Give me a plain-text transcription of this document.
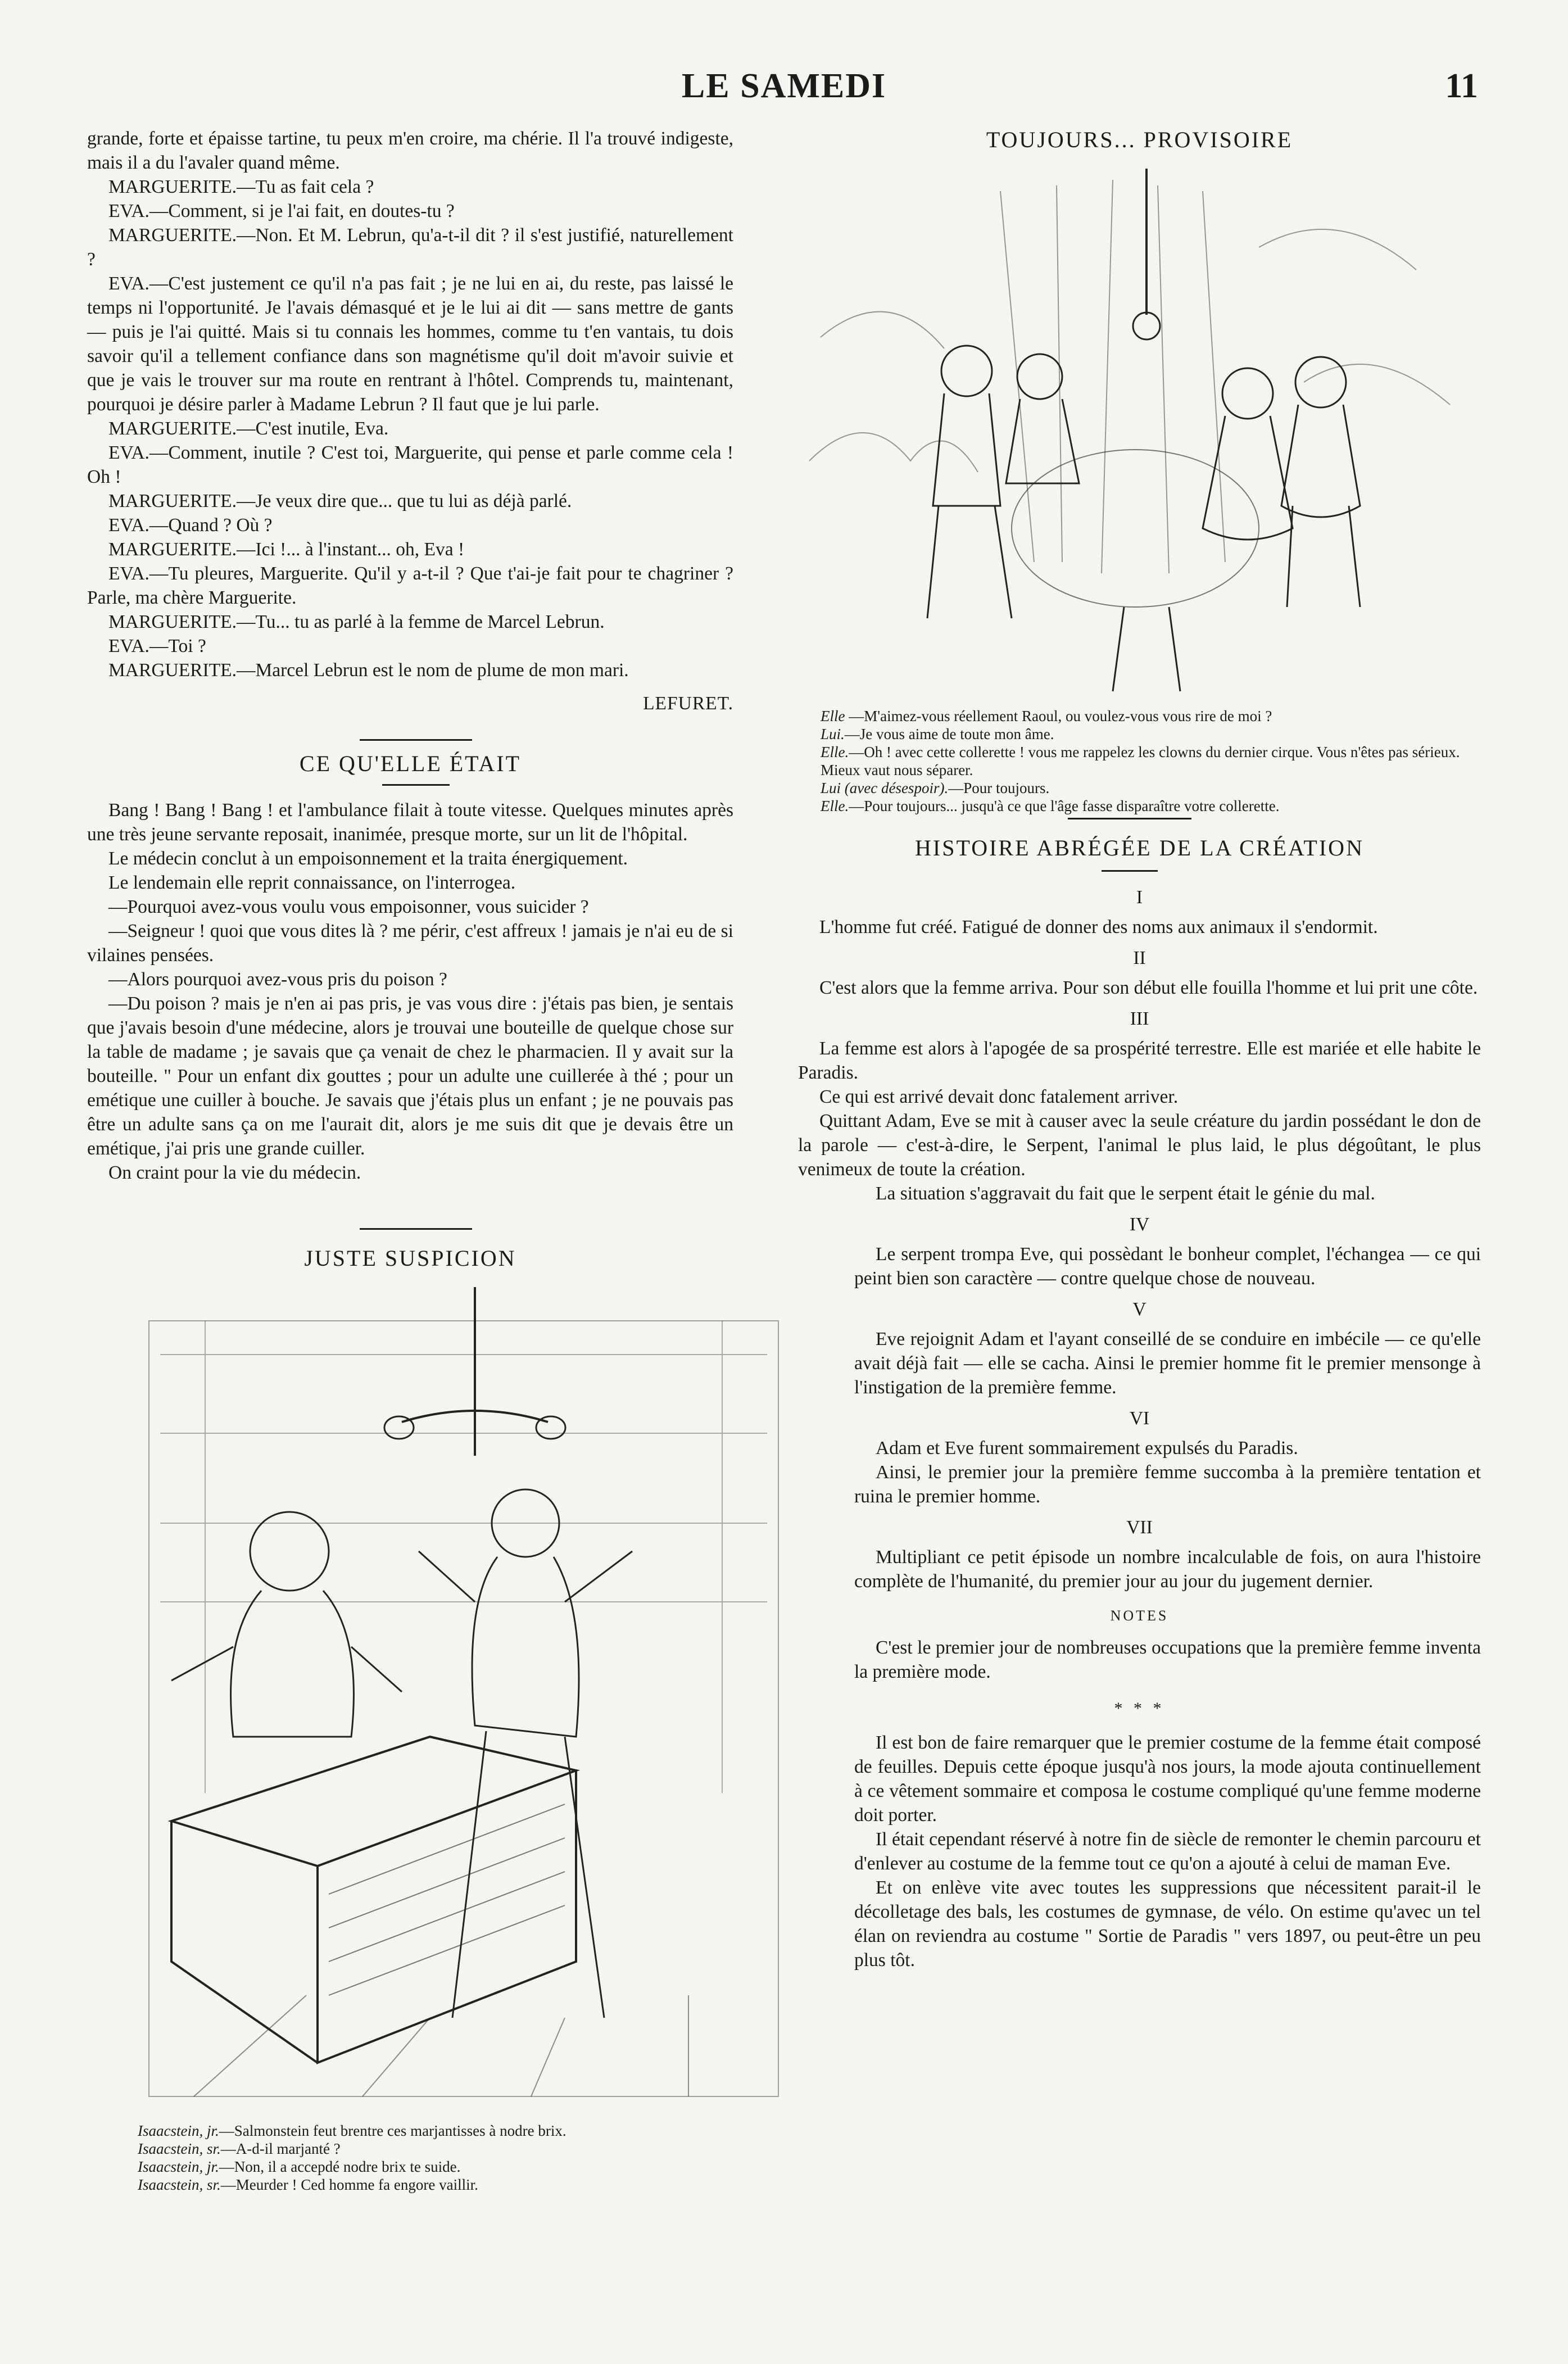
LE SAMEDI	11

grande, forte et épaisse tartine, tu peux m'en croire, ma chérie. Il l'a trouvé indigeste, mais il a du l'avaler quand même.

MARGUERITE.—Tu as fait cela ?

EVA.—Comment, si je l'ai fait, en doutes-tu ?

MARGUERITE.—Non. Et M. Lebrun, qu'a-t-il dit ? il s'est justifié, naturellement ?

EVA.—C'est justement ce qu'il n'a pas fait ; je ne lui en ai, du reste, pas laissé le temps ni l'opportunité. Je l'avais démasqué et je le lui ai dit — sans mettre de gants — puis je l'ai quitté. Mais si tu connais les hommes, comme tu t'en vantais, tu dois savoir qu'il a tellement confiance dans son magnétisme qu'il doit m'avoir suivie et que je vais le trouver sur ma route en rentrant à l'hôtel. Comprends tu, maintenant, pourquoi je désire parler à Madame Lebrun ? Il faut que je lui parle.

MARGUERITE.—C'est inutile, Eva.

EVA.—Comment, inutile ? C'est toi, Marguerite, qui pense et parle comme cela ! Oh !

MARGUERITE.—Je veux dire que... que tu lui as déjà parlé.

EVA.—Quand ? Où ?

MARGUERITE.—Ici !... à l'instant... oh, Eva !

EVA.—Tu pleures, Marguerite. Qu'il y a-t-il ? Que t'ai-je fait pour te chagriner ? Parle, ma chère Marguerite.

MARGUERITE.—Tu... tu as parlé à la femme de Marcel Lebrun.

EVA.—Toi ?

MARGUERITE.—Marcel Lebrun est le nom de plume de mon mari.

LEFURET.

CE QU'ELLE ÉTAIT

Bang ! Bang ! Bang ! et l'ambulance filait à toute vitesse. Quelques minutes après une très jeune servante reposait, inanimée, presque morte, sur un lit de l'hôpital.

Le médecin conclut à un empoisonnement et la traita énergiquement.

Le lendemain elle reprit connaissance, on l'interrogea.

—Pourquoi avez-vous voulu vous empoisonner, vous suicider ?

—Seigneur ! quoi que vous dites là ? me périr, c'est affreux ! jamais je n'ai eu de si vilaines pensées.

—Alors pourquoi avez-vous pris du poison ?

—Du poison ? mais je n'en ai pas pris, je vas vous dire : j'étais pas bien, je sentais que j'avais besoin d'une médecine, alors je trouvai une bouteille de quelque chose sur la table de madame ; je savais que ça venait de chez le pharmacien. Il y avait sur la bouteille. " Pour un enfant dix gouttes ; pour un adulte une cuillerée à thé ; pour un emétique une cuiller à bouche. Je savais que j'étais plus un enfant ; je ne pouvais pas être un adulte sans ça on me l'aurait dit, alors je me suis dit que je devais être un emétique, j'ai pris une grande cuiller.

On craint pour la vie du médecin.

JUSTE SUSPICION
Isaacstein, jr.—Salmonstein feut brentre ces marjantisses à nodre brix.
Isaacstein, sr.—A-d-il marjanté ?
Isaacstein, jr.—Non, il a accepdé nodre brix te suide.
Isaacstein, sr.—Meurder ! Ced homme fa engore vaillir.
TOUJOURS... PROVISOIRE
Elle —M'aimez-vous réellement Raoul, ou voulez-vous vous rire de moi ?
Lui.—Je vous aime de toute mon âme.
Elle.—Oh ! avec cette collerette ! vous me rappelez les clowns du dernier cirque. Vous n'êtes pas sérieux. Mieux vaut nous séparer.
Lui (avec désespoir).—Pour toujours.
Elle.—Pour toujours... jusqu'à ce que l'âge fasse disparaître votre collerette.
HISTOIRE ABRÉGÉE DE LA CRÉATION
I

L'homme fut créé. Fatigué de donner des noms aux animaux il s'endormit.

II

C'est alors que la femme arriva. Pour son début elle fouilla l'homme et lui prit une côte.

III

La femme est alors à l'apogée de sa prospérité terrestre. Elle est mariée et elle habite le Paradis.

Ce qui est arrivé devait donc fatalement arriver.

Quittant Adam, Eve se mit à causer avec la seule créature du jardin possédant le don de la parole — c'est-à-dire, le Serpent, l'animal le plus laid, le plus dégoûtant, le plus venimeux de toute la création.

La situation s'aggravait du fait que le serpent était le génie du mal.

IV

Le serpent trompa Eve, qui possèdant le bonheur complet, l'échangea — ce qui peint bien son caractère — contre quelque chose de nouveau.

V

Eve rejoignit Adam et l'ayant conseillé de se conduire en imbécile — ce qu'elle avait déjà fait — elle se cacha. Ainsi le premier homme fit le premier mensonge à l'instigation de la première femme.

VI

Adam et Eve furent sommairement expulsés du Paradis.

Ainsi, le premier jour la première femme succomba à la première tentation et ruina le premier homme.

VII

Multipliant ce petit épisode un nombre incalculable de fois, on aura l'histoire complète de l'humanité, du premier jour au jour du jugement dernier.

NOTES

C'est le premier jour de nombreuses occupations que la première femme inventa la première mode.

* * *

Il est bon de faire remarquer que le premier costume de la femme était composé de feuilles. Depuis cette époque jusqu'à nos jours, la mode ajouta continuellement à ce vêtement sommaire et composa le costume compliqué qu'une femme moderne doit porter.

Il était cependant réservé à notre fin de siècle de remonter le chemin parcouru et d'enlever au costume de la femme tout ce qu'on a ajouté à celui de maman Eve.

Et on enlève vite avec toutes les suppressions que nécessitent parait-il le décolletage des bals, les costumes de gymnase, de vélo. On estime qu'avec un tel élan on reviendra au costume " Sortie de Paradis " vers 1897, ou peut-être un peu plus tôt.
